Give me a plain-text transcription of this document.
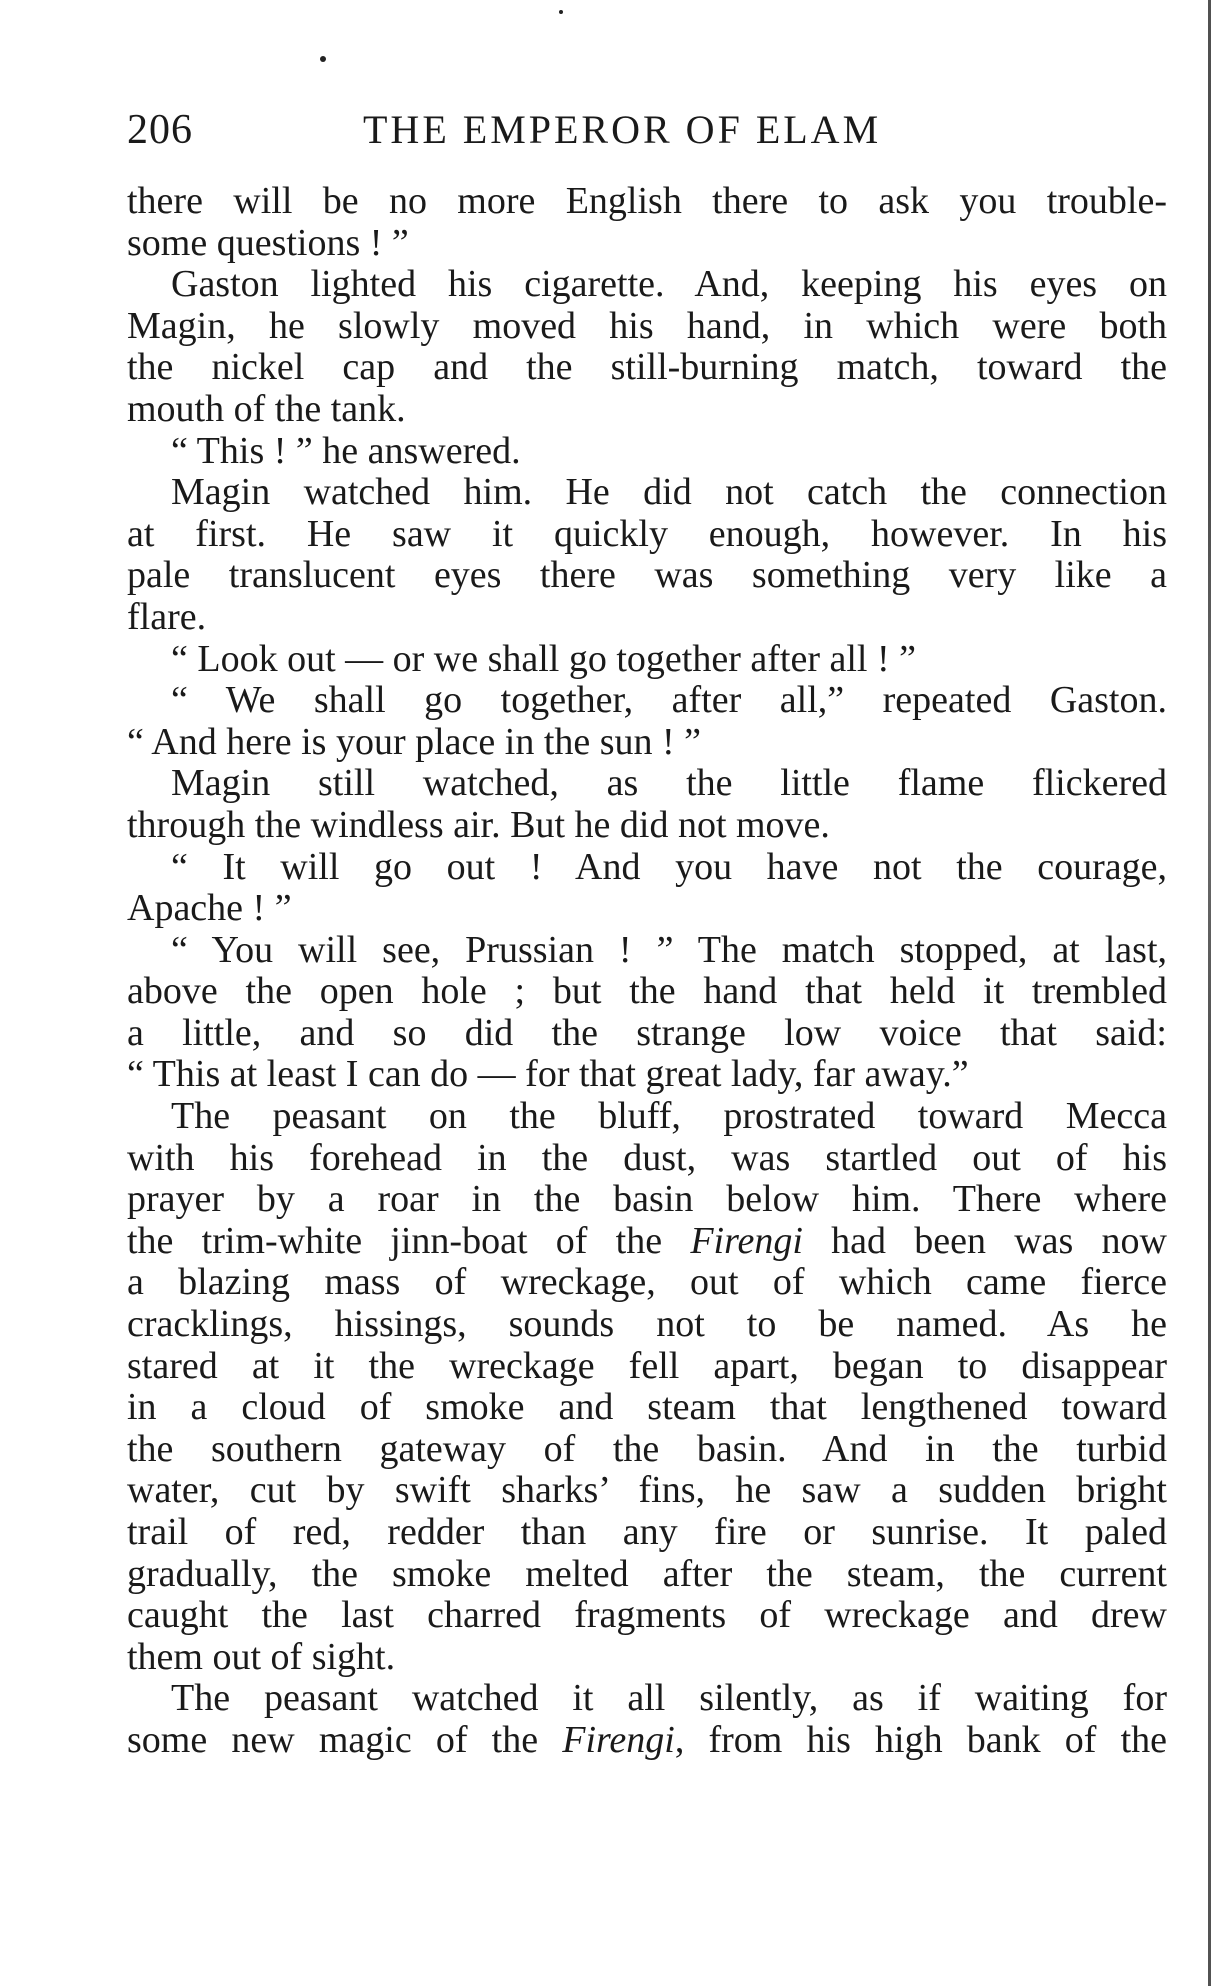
206	THE EMPEROR OF ELAM
there will be no more English there to ask you trouble-
some questions ! ”
Gaston lighted his cigarette. And, keeping his eyes on
Magin, he slowly moved his hand, in which were both
the nickel cap and the still-burning match, toward the
mouth of the tank.
“ This ! ” he answered.
Magin watched him. He did not catch the connection
at first. He saw it quickly enough, however. In his
pale translucent eyes there was something very like a
flare.
“ Look out — or we shall go together after all ! ”
“ We shall go together, after all,” repeated Gaston.
“ And here is your place in the sun ! ”
Magin still watched, as the little flame flickered
through the windless air. But he did not move.
“ It will go out ! And you have not the courage,
Apache ! ”
“ You will see, Prussian ! ” The match stopped, at last,
above the open hole ; but the hand that held it trembled
a little, and so did the strange low voice that said:
“ This at least I can do — for that great lady, far away.”
The peasant on the bluff, prostrated toward Mecca
with his forehead in the dust, was startled out of his
prayer by a roar in the basin below him. There where
the trim-white jinn-boat of the Firengi had been was now
a blazing mass of wreckage, out of which came fierce
cracklings, hissings, sounds not to be named. As he
stared at it the wreckage fell apart, began to disappear
in a cloud of smoke and steam that lengthened toward
the southern gateway of the basin. And in the turbid
water, cut by swift sharks’ fins, he saw a sudden bright
trail of red, redder than any fire or sunrise. It paled
gradually, the smoke melted after the steam, the current
caught the last charred fragments of wreckage and drew
them out of sight.
The peasant watched it all silently, as if waiting for
some new magic of the Firengi, from his high bank of the
